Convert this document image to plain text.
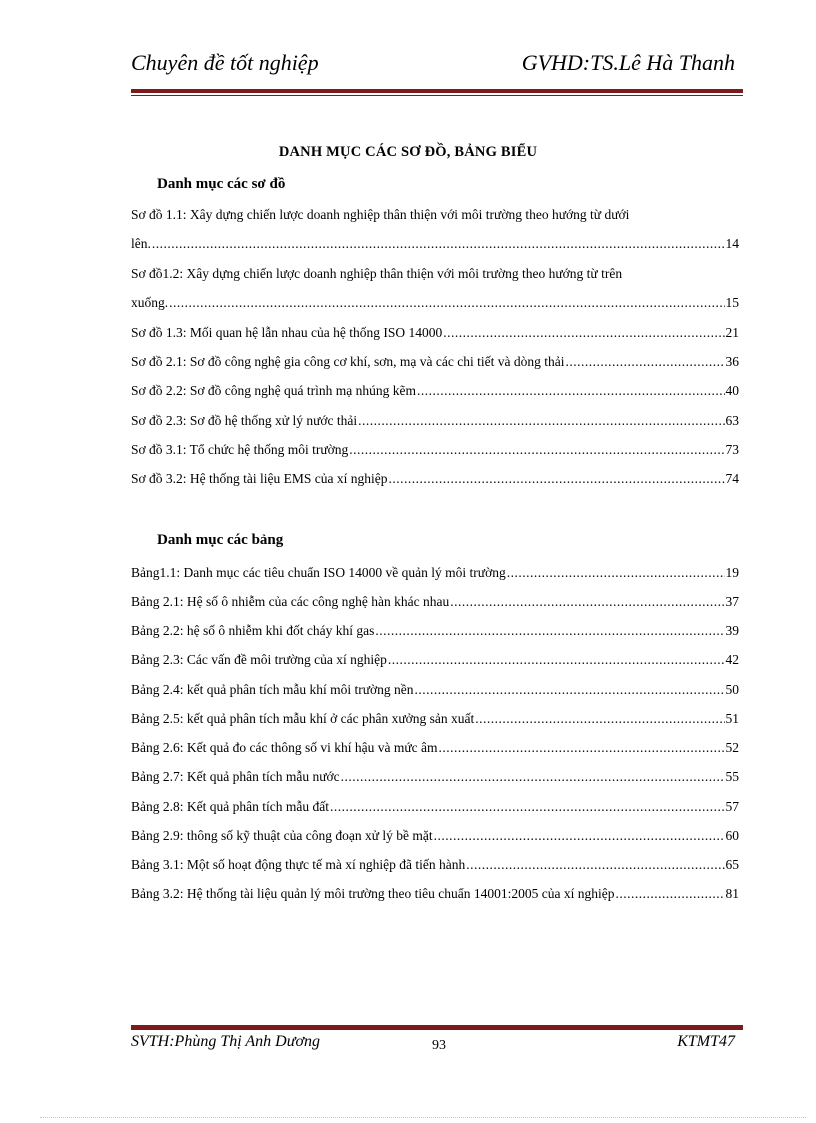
Chuyên đề tốt nghiệp	GVHD:TS.Lê Hà Thanh
DANH MỤC CÁC SƠ ĐỒ, BẢNG BIỂU
Danh mục các sơ đồ
Sơ đồ 1.1: Xây dựng chiến lược doanh nghiệp thân thiện với môi trường theo hướng từ dưới
lên. .....	14
Sơ đồ1.2: Xây dựng chiến lược doanh nghiệp thân thiện với môi trường theo hướng từ trên
xuống. .....	15
Sơ đồ 1.3: Mối quan hệ lẫn nhau của hệ thống ISO 14000 .....	21
Sơ đồ 2.1: Sơ đồ công nghệ gia công cơ khí, sơn, mạ và các chi tiết và dòng thải .....	36
Sơ đồ 2.2: Sơ đồ công nghệ quá trình mạ nhúng kẽm .....	40
Sơ đồ 2.3: Sơ đồ hệ thống xử lý nước thải .....	63
Sơ đồ 3.1: Tổ chức hệ thống môi trường .....	73
Sơ đồ 3.2: Hệ thống tài liệu EMS của xí nghiệp .....	74
Danh mục các bảng
Bảng1.1: Danh mục các tiêu chuẩn ISO 14000 về quản lý môi trường .....	19
Bảng 2.1: Hệ số ô nhiễm của các công nghệ hàn khác nhau .....	37
Bảng 2.2: hệ số ô nhiễm khi đốt cháy khí gas .....	39
Bảng 2.3: Các vấn đề môi trường của xí nghiệp .....	42
Bảng 2.4: kết quả phân tích mẫu khí môi trường nền .....	50
Bảng 2.5: kết quả phân tích mẫu khí ở các phân xưởng sản xuất .....	51
Bảng 2.6: Kết quả đo các thông số vi khí hậu và mức âm .....	52
Bảng 2.7: Kết quả phân tích mẫu nước .....	55
Bảng 2.8: Kết quả phân tích mẫu đất .....	57
Bảng 2.9: thông số kỹ thuật của công đoạn xử lý bề mặt .....	60
Bảng 3.1: Một số hoạt động thực tế mà xí nghiệp đã tiến hành .....	65
Bảng 3.2: Hệ thống tài liệu quản lý môi trường theo tiêu chuẩn 14001:2005 của xí nghiệp .....	81
SVTH:Phùng Thị Anh Dương	93	KTMT47
